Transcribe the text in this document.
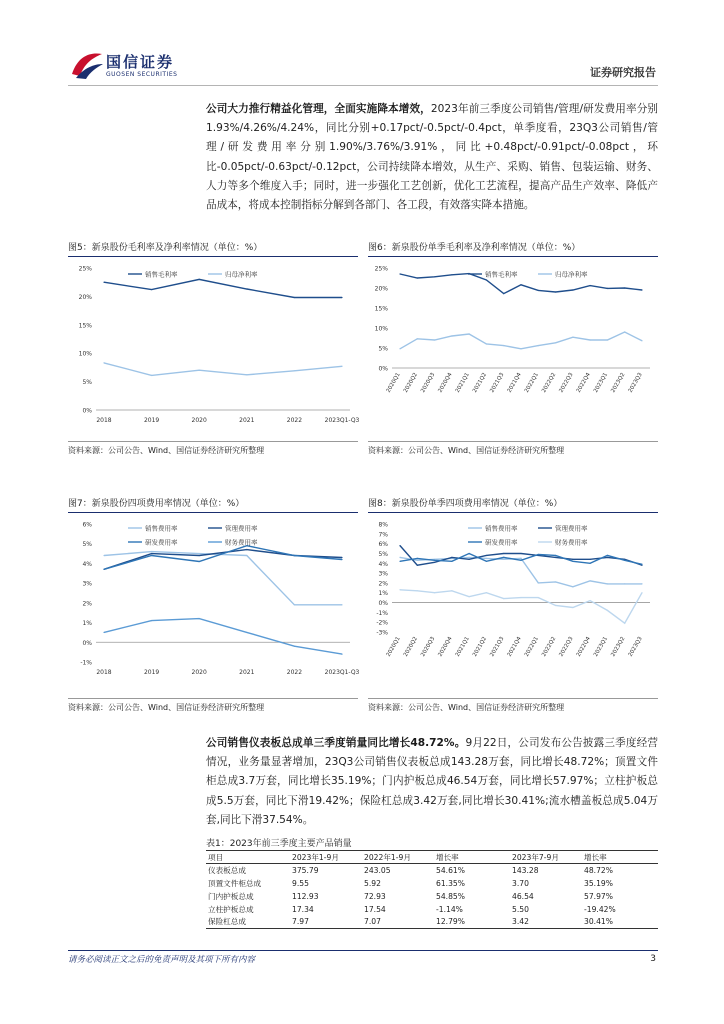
国信证券
GUOSEN SECURITIES	证券研究报告
公司大力推行精益化管理，全面实施降本增效，2023年前三季度公司销售/管理/研发费用率分别1.93%/4.26%/4.24%，同比分别+0.17pct/-0.5pct/-0.4pct，单季度看，23Q3公司销售/管理/研发费用率分别1.90%/3.76%/3.91%，同比+0.48pct/-0.91pct/-0.08pct，环比-0.05pct/-0.63pct/-0.12pct，公司持续降本增效，从生产、采购、销售、包装运输、财务、人力等多个维度入手；同时，进一步强化工艺创新，优化工艺流程，提高产品生产效率、降低产品成本，将成本控制指标分解到各部门、各工段，有效落实降本措施。
图5：新泉股份毛利率及净利率情况（单位：%）
0%
5%
10%
15%
20%
25%
2018	2019	2020	2021	2022	2023Q1-Q3
销售毛利率	归母净利率
资料来源：公司公告、Wind、国信证券经济研究所整理
图6：新泉股份单季毛利率及净利率情况（单位：%）
0%
5%
10%
15%
20%
25%
2020Q1 2020Q2 2020Q3 2020Q4 2021Q1 2021Q2 2021Q3 2021Q4 2022Q1 2022Q2 2022Q3 2022Q4 2023Q1 2023Q2 2023Q3
销售毛利率	归母净利率
资料来源：公司公告、Wind、国信证券经济研究所整理
图7：新泉股份四项费用率情况（单位：%）
-1%
0%
1%
2%
3%
4%
5%
6%
2018	2019	2020	2021	2022	2023Q1-Q3
销售费用率	管理费用率
研发费用率	财务费用率
资料来源：公司公告、Wind、国信证券经济研究所整理
图8：新泉股份单季四项费用率情况（单位：%）
-3%
-2%
-1%
0%
1%
2%
3%
4%
5%
6%
7%
8%
2020Q1 2020Q2 2020Q3 2020Q4 2021Q1 2021Q2 2021Q3 2021Q4 2022Q1 2022Q2 2022Q3 2022Q4 2023Q1 2023Q2 2023Q3
销售费用率	管理费用率
研发费用率	财务费用率
资料来源：公司公告、Wind、国信证券经济研究所整理
公司销售仪表板总成单三季度销量同比增长48.72%。9月22日，公司发布公告披露三季度经营情况，业务量显著增加，23Q3公司销售仪表板总成143.28万套，同比增长48.72%；顶置文件柜总成3.7万套，同比增长35.19%；门内护板总成46.54万套，同比增长57.97%；立柱护板总成5.5万套，同比下滑19.42%；保险杠总成3.42万套,同比增长30.41%;流水槽盖板总成5.04万套,同比下滑37.54%。
表1：2023年前三季度主要产品销量
项目	2023年1-9月	2022年1-9月	增长率	2023年7-9月	增长率
仪表板总成	375.79	243.05	54.61%	143.28	48.72%
顶置文件柜总成	9.55	5.92	61.35%	3.70	35.19%
门内护板总成	112.93	72.93	54.85%	46.54	57.97%
立柱护板总成	17.34	17.54	-1.14%	5.50	-19.42%
保险杠总成	7.97	7.07	12.79%	3.42	30.41%
请务必阅读正文之后的免责声明及其项下所有内容	3
